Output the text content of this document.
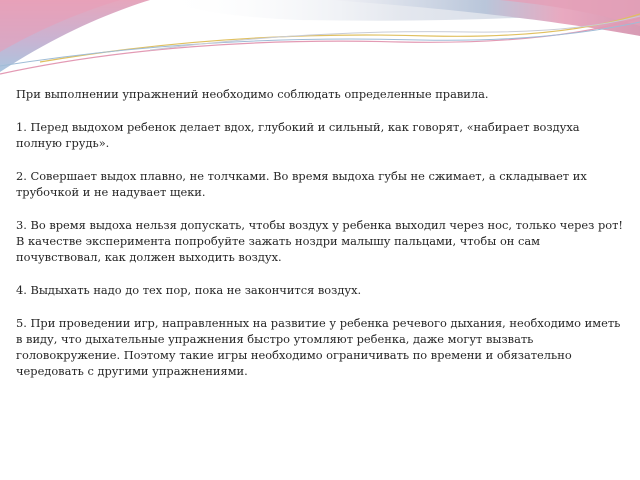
При выполнении упражнений необходимо соблюдать определенные правила.

1. Перед выдохом ребенок делает вдох, глубокий и сильный, как говорят, «набирает воздуха полную грудь».

2. Совершает выдох плавно, не толчками. Во время выдоха губы не сжимает, а складывает их трубочкой и не надувает щеки.

3. Во время выдоха нельзя допускать, чтобы воздух у ребенка выходил через нос, только через рот! В качестве эксперимента попробуйте зажать ноздри малышу пальцами, чтобы он сам почувствовал, как должен выходить воздух.

4. Выдыхать надо до тех пор, пока не закончится воздух.

5. При проведении игр, направленных на развитие у ребенка речевого дыхания, необходимо иметь в виду, что дыхательные упражнения быстро утомляют ребенка, даже могут вызвать головокружение. Поэтому такие игры необходимо ограничивать по времени и обязательно чередовать с другими упражнениями.
